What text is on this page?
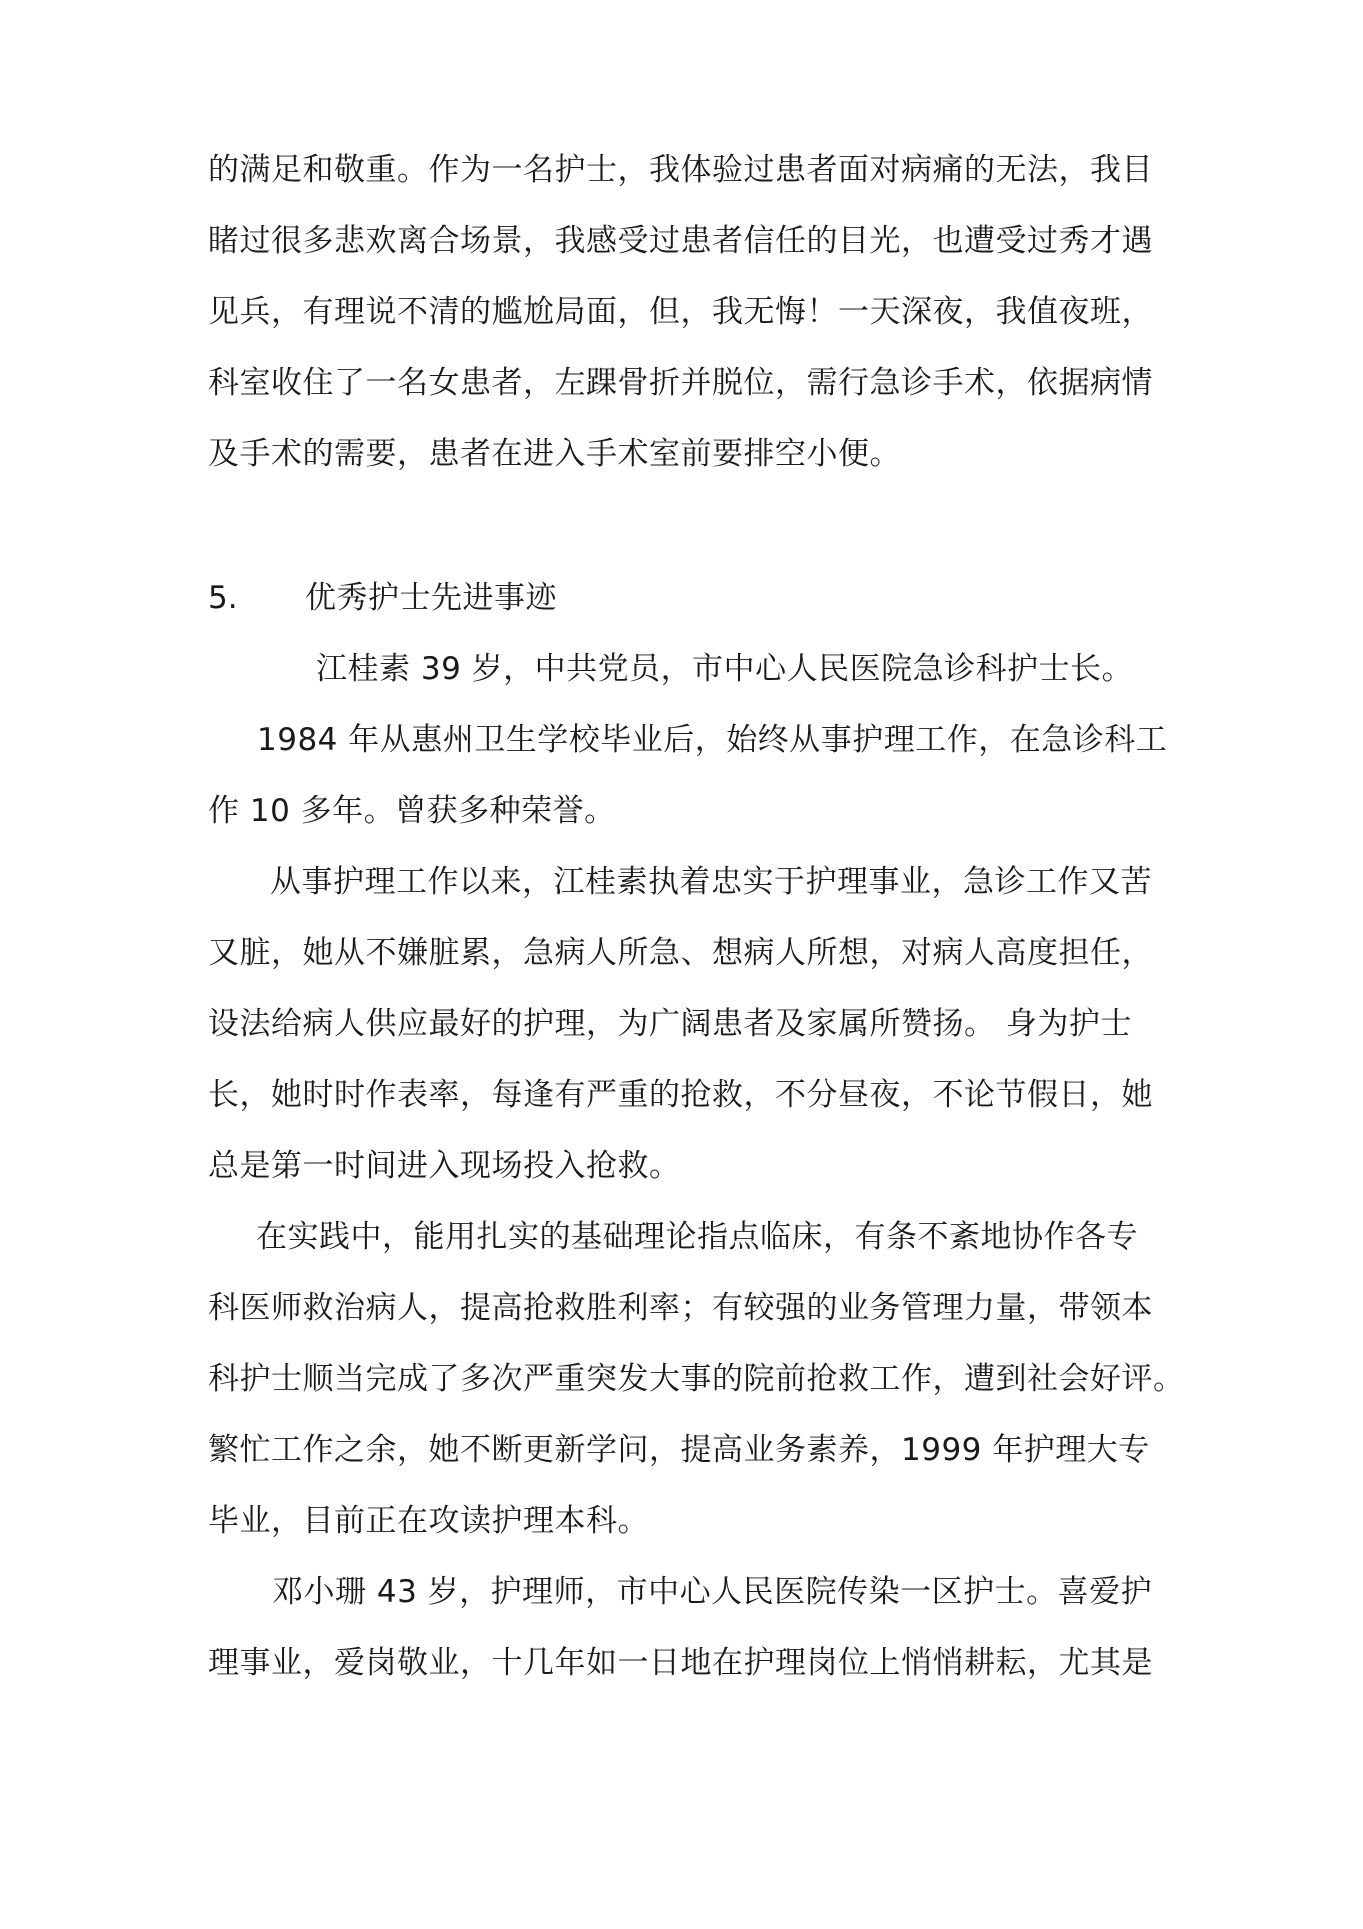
的满足和敬重。作为一名护士，我体验过患者面对病痛的无法，我目
睹过很多悲欢离合场景，我感受过患者信任的目光，也遭受过秀才遇
见兵，有理说不清的尴尬局面，但，我无悔！一天深夜，我值夜班，
科室收住了一名女患者，左踝骨折并脱位，需行急诊手术，依据病情
及手术的需要，患者在进入手术室前要排空小便。
5. 优秀护士先进事迹
江桂素 39 岁，中共党员，市中心人民医院急诊科护士长。
1984 年从惠州卫生学校毕业后，始终从事护理工作，在急诊科工
作 10 多年。曾获多种荣誉。
从事护理工作以来，江桂素执着忠实于护理事业，急诊工作又苦
又脏，她从不嫌脏累，急病人所急、想病人所想，对病人高度担任，
设法给病人供应最好的护理，为广阔患者及家属所赞扬。 身为护士
长，她时时作表率，每逢有严重的抢救，不分昼夜，不论节假日，她
总是第一时间进入现场投入抢救。
在实践中，能用扎实的基础理论指点临床，有条不紊地协作各专
科医师救治病人，提高抢救胜利率；有较强的业务管理力量，带领本
科护士顺当完成了多次严重突发大事的院前抢救工作，遭到社会好评。
繁忙工作之余，她不断更新学问，提高业务素养，1999 年护理大专
毕业，目前正在攻读护理本科。
邓小珊 43 岁，护理师，市中心人民医院传染一区护士。喜爱护
理事业，爱岗敬业，十几年如一日地在护理岗位上悄悄耕耘，尤其是
